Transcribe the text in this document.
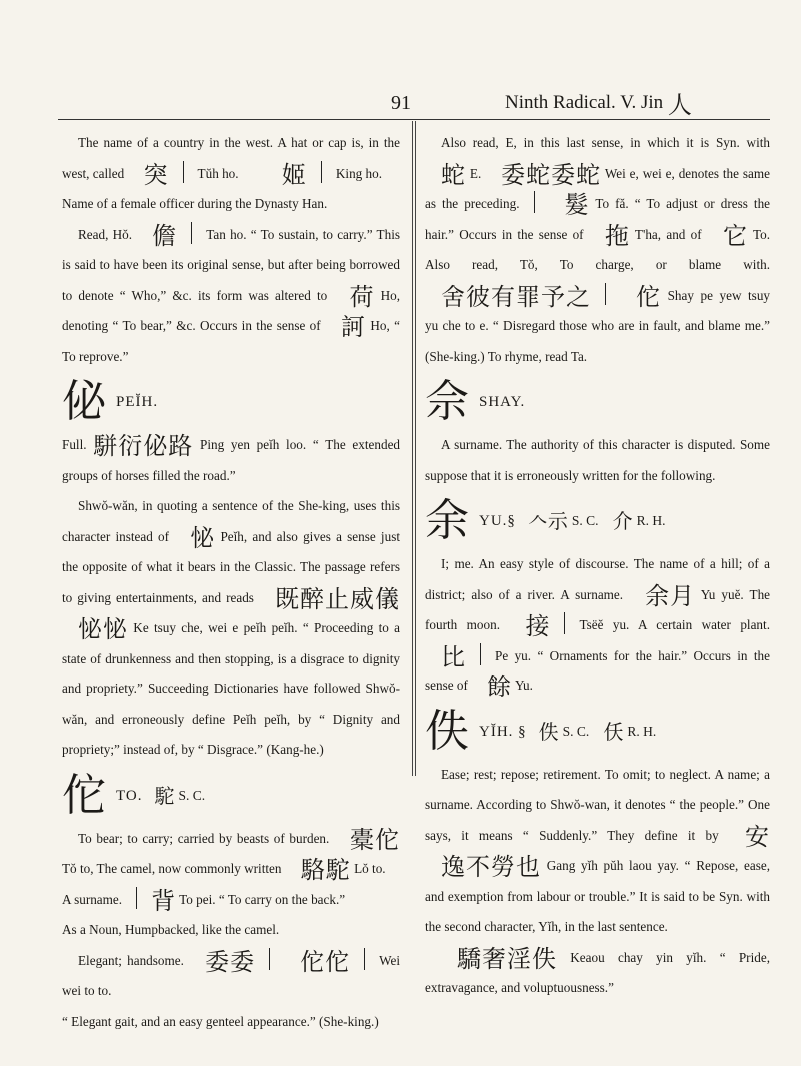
91	Ninth Radical. V. Jin 人

The name of a country in the west. A hat or cap is, in the west, called 突 Tŭh ho. 姬 King ho.

Name of a female officer during the Dynasty Han.

Read, Hŏ. 儋 Tan ho. “ To sustain, to carry.” This is said to have been its original sense, but after being borrowed to denote “ Who,” &c. its form was altered to 荷 Ho, denoting “ To bear,” &c. Occurs in the sense of 訶 Ho, “ To reprove.”

佖 PEĬH.

Full. 駢衍佖路 Ping yen peĭh loo. “ The extended groups of horses filled the road.”

Shwŏ-wăn, in quoting a sentence of the She-king, uses this character instead of 怭 Peĭh, and also gives a sense just the opposite of what it bears in the Classic. The passage refers to giving entertainments, and reads 既醉止威儀 怭怭 Ke tsuy che, wei e peĭh peĭh. “ Proceeding to a state of drunkenness and then stopping, is a disgrace to dignity and propriety.” Succeeding Dictionaries have followed Shwŏ-wăn, and erroneously define Peĭh peĭh, by “ Dignity and propriety;” instead of, by “ Disgrace.” (Kang-he.)

佗 TO. 駝 S. C.

To bear; to carry; carried by beasts of burden. 橐佗 Tŏ to, The camel, now commonly written 駱駝 Lŏ to.

A surname. 背 To pei. “ To carry on the back.”

As a Noun, Humpbacked, like the camel.

Elegant; handsome. 委委 佗佗 Wei wei to to.

“ Elegant gait, and an easy genteel appearance.” (She-king.)

Also read, E, in this last sense, in which it is Syn. with 蛇 E. 委蛇委蛇 Wei e, wei e, denotes the same as the preceding. 髮 To fă. “ To adjust or dress the hair.” Occurs in the sense of 拖 T'ha, and of 它 To. Also read, Tŏ, To charge, or blame with. 舍彼有罪予之 佗 Shay pe yew tsuy yu che to e. “ Disregard those who are in fault, and blame me.” (She-king.) To rhyme, read Ta.

佘 SHAY.

A surname. The authority of this character is disputed. Some suppose that it is erroneously written for the following.

余 YU.§ 𠆢示 S. C. 介 R. H.

I; me. An easy style of discourse. The name of a hill; of a district; also of a river. A surname. 余月 Yu yuĕ. The fourth moon. 接 Tsëĕ yu. A certain water plant. 比 Pe yu. “ Ornaments for the hair.” Occurs in the sense of 餘 Yu.

佚 YĬH. § 佚 S. C. 仸 R. H.

Ease; rest; repose; retirement. To omit; to neglect. A name; a surname. According to Shwŏ-wan, it denotes “ the people.” One says, it means “ Suddenly.” They define it by 安 逸不勞也 Gang yĭh pŭh laou yay. “ Repose, ease, and exemption from labour or trouble.” It is said to be Syn. with the second character, Yĭh, in the last sentence.

驕奢淫佚 Keaou chay yin yĭh. “ Pride, extravagance, and voluptuousness.”
